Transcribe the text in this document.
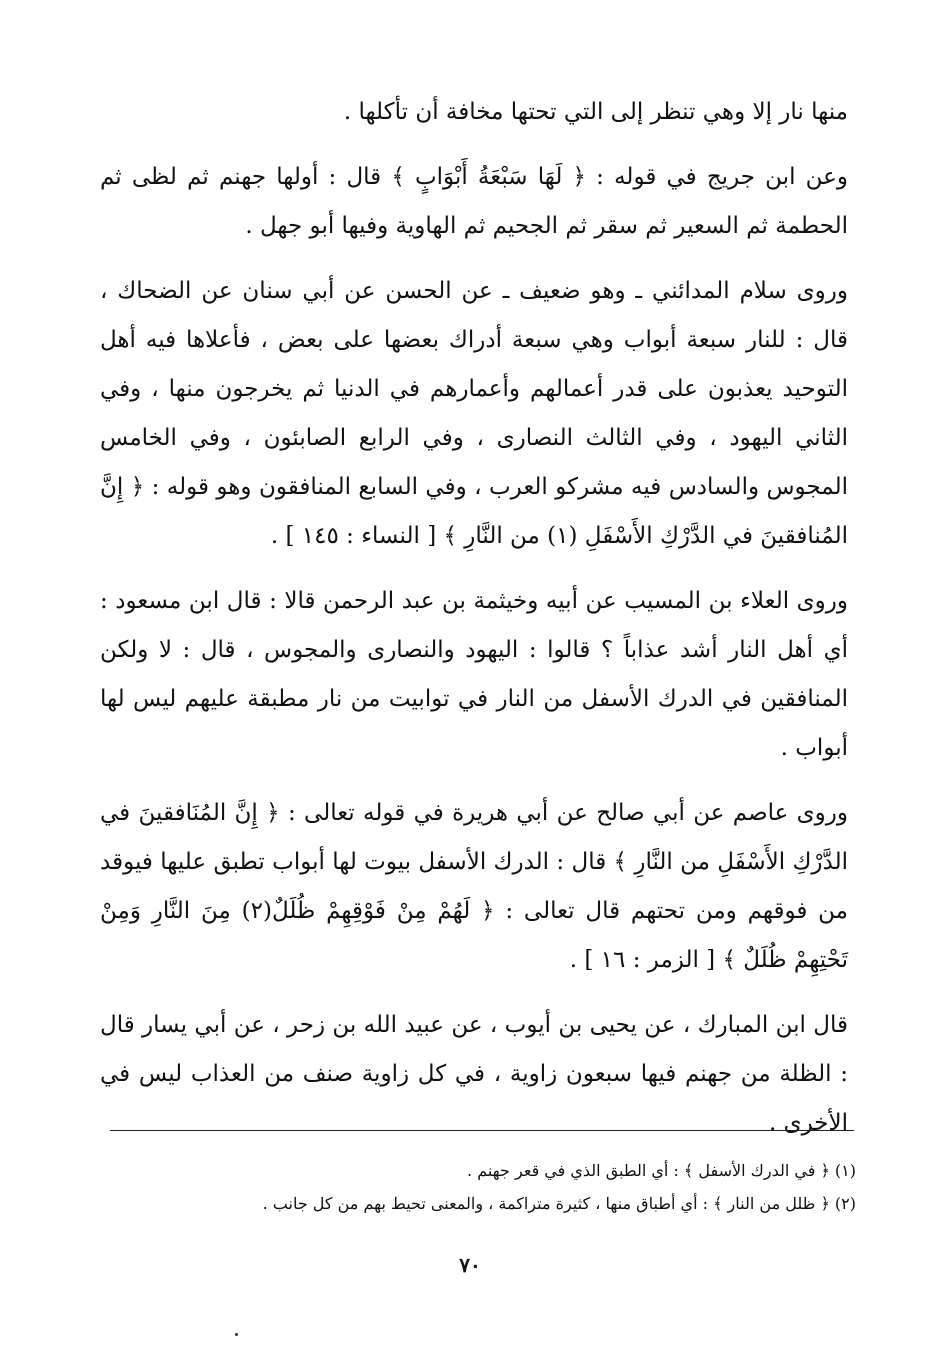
منها نار إلا وهي تنظر إلى التي تحتها مخافة أن تأكلها .

وعن ابن جريج في قوله : ﴿ لَهَا سَبْعَةُ أَبْوَابٍ ﴾ قال : أولها جهنم ثم لظى ثم الحطمة ثم السعير ثم سقر ثم الجحيم ثم الهاوية وفيها أبو جهل .

وروى سلام المدائني ـ وهو ضعيف ـ عن الحسن عن أبي سنان عن الضحاك ، قال : للنار سبعة أبواب وهي سبعة أدراك بعضها على بعض ، فأعلاها فيه أهل التوحيد يعذبون على قدر أعمالهم وأعمارهم في الدنيا ثم يخرجون منها ، وفي الثاني اليهود ، وفي الثالث النصارى ، وفي الرابع الصابئون ، وفي الخامس المجوس والسادس فيه مشركو العرب ، وفي السابع المنافقون وهو قوله : ﴿ إِنَّ المُنافقينَ في الدَّرْكِ الأَسْفَلِ (١) من النَّارِ ﴾ [ النساء : ١٤٥ ] .

وروى العلاء بن المسيب عن أبيه وخيثمة بن عبد الرحمن قالا : قال ابن مسعود : أي أهل النار أشد عذاباً ؟ قالوا : اليهود والنصارى والمجوس ، قال : لا ولكن المنافقين في الدرك الأسفل من النار في توابيت من نار مطبقة عليهم ليس لها أبواب .

وروى عاصم عن أبي صالح عن أبي هريرة في قوله تعالى : ﴿ إِنَّ المُنَافقينَ في الدَّرْكِ الأَسْفَلِ من النَّارِ ﴾ قال : الدرك الأسفل بيوت لها أبواب تطبق عليها فيوقد من فوقهم ومن تحتهم قال تعالى : ﴿ لَهُمْ مِنْ فَوْقِهِمْ ظُلَلٌ(٢) مِنَ النَّارِ وَمِنْ تَحْتِهِمْ ظُلَلٌ ﴾ [ الزمر : ١٦ ] .

قال ابن المبارك ، عن يحيى بن أيوب ، عن عبيد الله بن زحر ، عن أبي يسار قال : الظلة من جهنم فيها سبعون زاوية ، في كل زاوية صنف من العذاب ليس في الأخرى .

(١) ﴿ في الدرك الأسفل ﴾ : أي الطبق الذي في قعر جهنم .

(٢) ﴿ ظلل من النار ﴾ : أي أطباق منها ، كثيرة متراكمة ، والمعنى تحيط بهم من كل جانب .

٧٠
